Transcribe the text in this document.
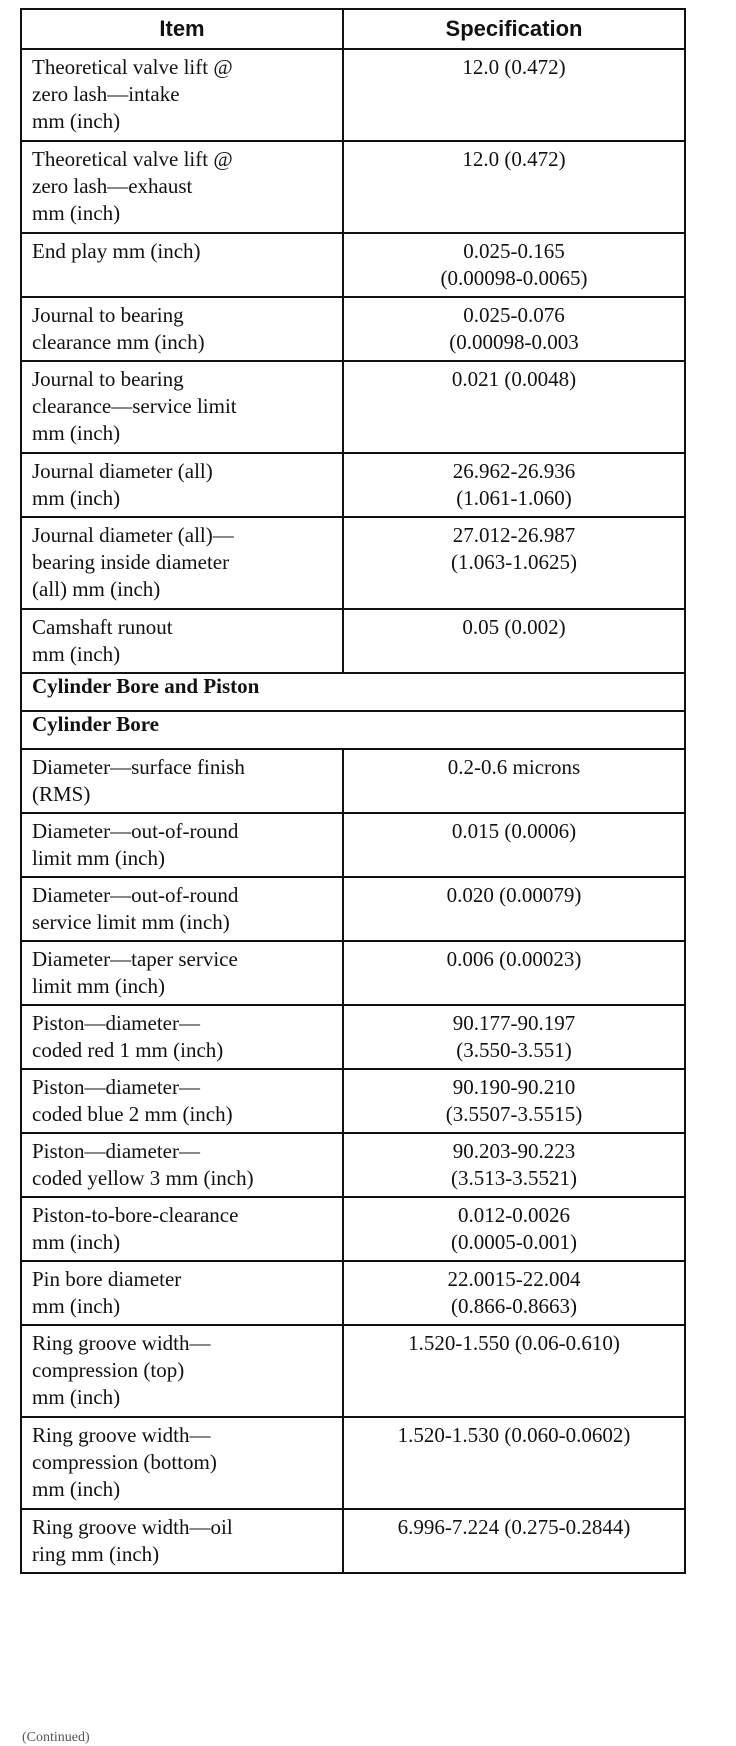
Item	Specification
Theoretical valve lift @
zero lash—intake
mm (inch)	12.0 (0.472)
Theoretical valve lift @
zero lash—exhaust
mm (inch)	12.0 (0.472)
End play mm (inch)	0.025-0.165
(0.00098-0.0065)
Journal to bearing
clearance mm (inch)	0.025-0.076
(0.00098-0.003
Journal to bearing
clearance—service limit
mm (inch)	0.021 (0.0048)
Journal diameter (all)
mm (inch)	26.962-26.936
(1.061-1.060)
Journal diameter (all)—
bearing inside diameter
(all) mm (inch)	27.012-26.987
(1.063-1.0625)
Camshaft runout
mm (inch)	0.05 (0.002)
Cylinder Bore and Piston	
Cylinder Bore	
Diameter—surface finish
(RMS)	0.2-0.6 microns
Diameter—out-of-round
limit mm (inch)	0.015 (0.0006)
Diameter—out-of-round
service limit mm (inch)	0.020 (0.00079)
Diameter—taper service
limit mm (inch)	0.006 (0.00023)
Piston—diameter—
coded red 1 mm (inch)	90.177-90.197
(3.550-3.551)
Piston—diameter—
coded blue 2 mm (inch)	90.190-90.210
(3.5507-3.5515)
Piston—diameter—
coded yellow 3 mm (inch)	90.203-90.223
(3.513-3.5521)
Piston-to-bore-clearance
mm (inch)	0.012-0.0026
(0.0005-0.001)
Pin bore diameter
mm (inch)	22.0015-22.004
(0.866-0.8663)
Ring groove width—
compression (top)
mm (inch)	1.520-1.550 (0.06-0.610)
Ring groove width—
compression (bottom)
mm (inch)	1.520-1.530 (0.060-0.0602)
Ring groove width—oil
ring mm (inch)	6.996-7.224 (0.275-0.2844)
(Continued)
